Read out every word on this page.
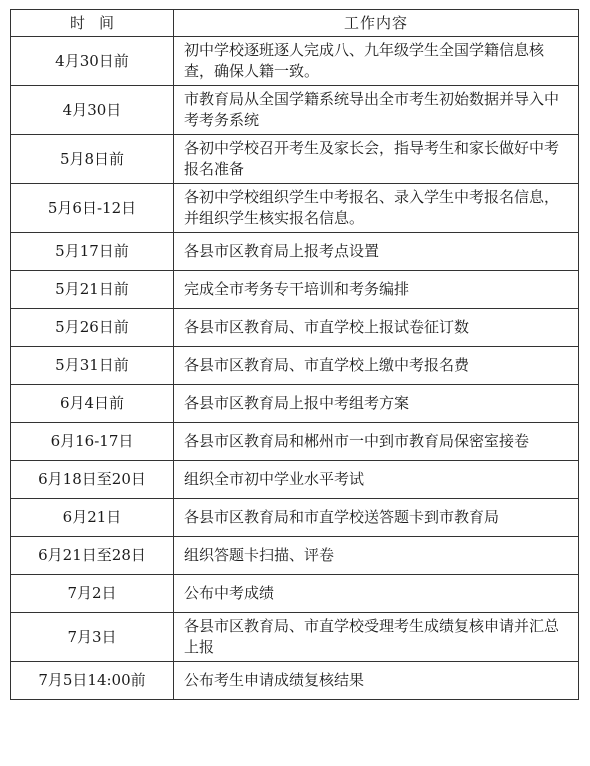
时间	工作内容
4月30日前	初中学校逐班逐人完成八、九年级学生全国学籍信息核查，确保人籍一致。
4月30日	市教育局从全国学籍系统导出全市考生初始数据并导入中考考务系统
5月8日前	各初中学校召开考生及家长会，指导考生和家长做好中考报名准备
5月6日-12日	各初中学校组织学生中考报名、录入学生中考报名信息，并组织学生核实报名信息。
5月17日前	各县市区教育局上报考点设置
5月21日前	完成全市考务专干培训和考务编排
5月26日前	各县市区教育局、市直学校上报试卷征订数
5月31日前	各县市区教育局、市直学校上缴中考报名费
6月4日前	各县市区教育局上报中考组考方案
6月16-17日	各县市区教育局和郴州市一中到市教育局保密室接卷
6月18日至20日	组织全市初中学业水平考试
6月21日	各县市区教育局和市直学校送答题卡到市教育局
6月21日至28日	组织答题卡扫描、评卷
7月2日	公布中考成绩
7月3日	各县市区教育局、市直学校受理考生成绩复核申请并汇总上报
7月5日14:00前	公布考生申请成绩复核结果
